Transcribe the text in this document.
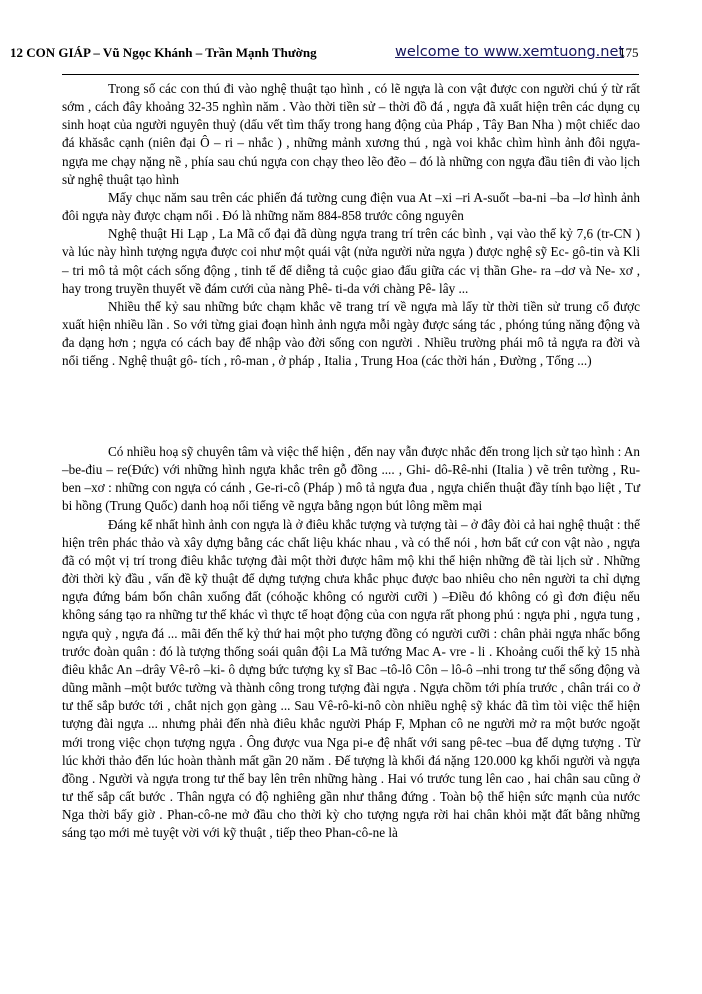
12 CON GIÁP – Vũ Ngọc Khánh – Trần Mạnh Thường	welcome to www.xemtuong.net
175

Trong số các con thú đi vào nghệ thuật tạo hình , có lẽ ngựa là con vật được con người chú ý từ rất sớm , cách đây khoảng 32-35 nghìn năm . Vào thời tiền sử – thời đồ đá , ngựa đã xuất hiện trên các dụng cụ sinh hoạt của người nguyên thuỷ (dấu vết tìm thấy trong hang động của Pháp , Tây Ban Nha ) một chiếc dao đá khăsắc cạnh (niên đại Ô – ri – nhắc ) , những mảnh xương thú , ngà voi khắc chìm hình ảnh đôi ngựa- ngựa me chạy nặng nề , phía sau chú ngựa con chạy theo lẽo đẽo – đó là những con ngựa đầu tiên đi vào lịch sử nghệ thuật tạo hình

Mấy chục năm sau trên các phiến đá tường cung điện vua At –xi –ri A-suốt –ba-ni –ba –lơ hình ảnh đôi ngựa này được chạm nổi . Đó là những năm 884-858 trước công nguyên

Nghệ thuật Hi Lạp , La Mã cổ đại đã dùng ngựa trang trí trên các bình , vại vào thế kỷ 7,6 (tr-CN ) và lúc này hình tượng ngựa được coi như một quái vật (nửa người nửa ngựa ) được nghệ sỹ Ec- gô-tin và Kli – tri mô tả một cách sống động , tinh tế để diễng tả cuộc giao đấu giữa các vị thần Ghe- ra –dơ và Ne- xơ , hay trong truyền thuyết về đám cưới của nàng Phê- ti-da với chàng Pê- lây ...

Nhiều thế kỷ sau những bức chạm khắc vẽ trang trí về ngựa mà lấy từ thời tiền sử trung cổ được xuất hiện nhiều lần . So với từng giai đoạn hình ảnh ngựa mỗi ngày được sáng tác , phóng túng năng động và đa dạng hơn ; ngựa có cách bay để nhập vào đời sống con người . Nhiều trường phái mô tả ngựa ra đời và nổi tiếng . Nghệ thuật gô- tích , rô-man , ở pháp , Italia , Trung Hoa (các thời hán , Đường , Tống ...)

Có nhiều hoạ sỹ chuyên tâm và việc thể hiện , đến nay vẫn được nhắc đến trong lịch sử tạo hình : An –be-điu – re(Đức) với những hình ngựa khắc trên gỗ đồng .... , Ghi- dô-Rê-nhi (Italia ) vẽ trên tường , Ru-ben –xơ : những con ngựa có cánh , Ge-ri-cô (Pháp ) mô tả ngựa đua , ngựa chiến thuật đầy tính bạo liệt , Tư bi hồng (Trung Quốc) danh hoạ nổi tiếng vẽ ngựa bằng ngọn bút lông mềm mại

Đáng kể nhất hình ảnh con ngựa là ở điêu khắc tượng và tượng tài – ở đây đòi cả hai nghệ thuật : thể hiện trên phác thảo và xây dựng bằng các chất liệu khác nhau , và có thể nói , hơn bất cứ con vật nào , ngựa đã có một vị trí trong điêu khắc tượng đài một thời được hâm mộ khi thể hiện những đề tài lịch sử . Những đời thời kỳ đầu , vấn đề kỹ thuật để dựng tượng chưa khắc phục được bao nhiêu cho nên người ta chỉ dựng ngựa đứng bám bốn chân xuống đất (cóhoặc không có người cưỡi ) –Điều đó không có gì đơn điệu nếu không sáng tạo ra những tư thế khác vì thực tế hoạt động của con ngựa rất phong phú : ngựa phi , ngựa tung , ngựa quỳ , ngựa đá ... mãi đến thế kỷ thứ hai một pho tượng đồng có người cưỡi : chân phải ngựa nhấc bổng trước đoàn quân : đó là tượng thống soái quân đội La Mã tướng Mac A- vre - li . Khoảng cuối thế kỷ 15 nhà điêu khắc An –drây Vê-rô –ki- ô dựng bức tượng kỵ sĩ Bac –tô-lô Côn – lô-ô –nhi trong tư thế sống động và dũng mãnh –một bước tường và thành công trong tượng đài ngựa . Ngựa chồm tới phía trước , chân trái co ở tư thế sắp bước tới , chắt nịch gọn gàng ... Sau Vê-rô-ki-nô còn nhiều nghệ sỹ khác đã tìm tòi việc thể hiện tượng đài ngựa ... nhưng phải đến nhà điêu khắc người Pháp F, Mphan cô ne người mở ra một bước ngoặt mới trong việc chọn tượng ngựa . Ông được vua Nga pi-e đệ nhất với sang pê-tec –bua để dựng tượng . Từ lúc khởi thảo đến lúc hoàn thành mất gần 20 năm . Đế tượng là khối đá nặng 120.000 kg khối người và ngựa đồng . Người và ngựa trong tư thế bay lên trên những hàng . Hai vó trước tung lên cao , hai chân sau cũng ở tư thế sắp cất bước . Thân ngựa có độ nghiêng gần như thẳng đứng . Toàn bộ thể hiện sức mạnh của nước Nga thời bấy giờ . Phan-cô-ne mở đầu cho thời kỳ cho tượng ngựa rời hai chân khỏi mặt đất bằng những sáng tạo mới mẻ tuyệt vời với kỹ thuật , tiếp theo Phan-cô-ne là
